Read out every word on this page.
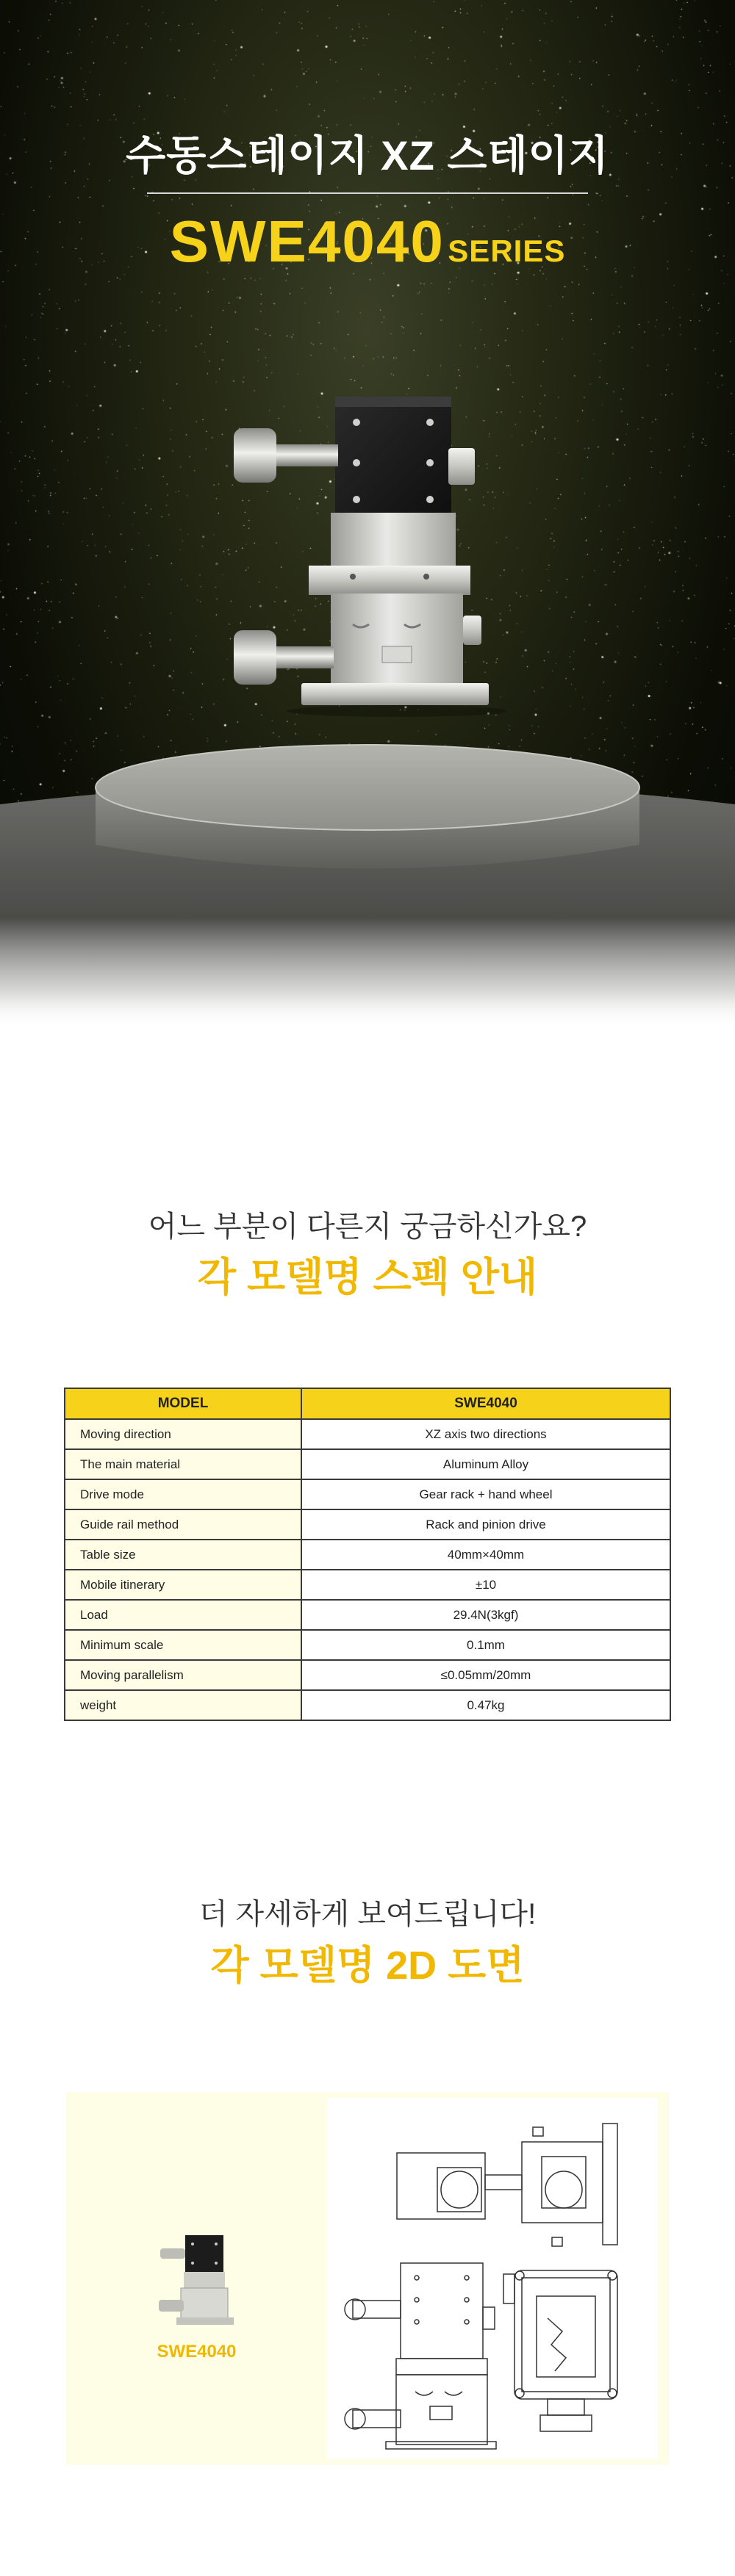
수동스테이지 XZ 스테이지
SWE4040 SERIES
어느 부분이 다른지 궁금하신가요?
각 모델명 스펙 안내
MODEL	SWE4040
Moving direction	XZ axis two directions
The main material	Aluminum Alloy
Drive mode	Gear rack + hand wheel
Guide rail method	Rack and pinion drive
Table size	40mm×40mm
Mobile itinerary	±10
Load	29.4N(3kgf)
Minimum scale	0.1mm
Moving parallelism	≤0.05mm/20mm
weight	0.47kg
더 자세하게 보여드립니다!
각 모델명 2D 도면
SWE4040
